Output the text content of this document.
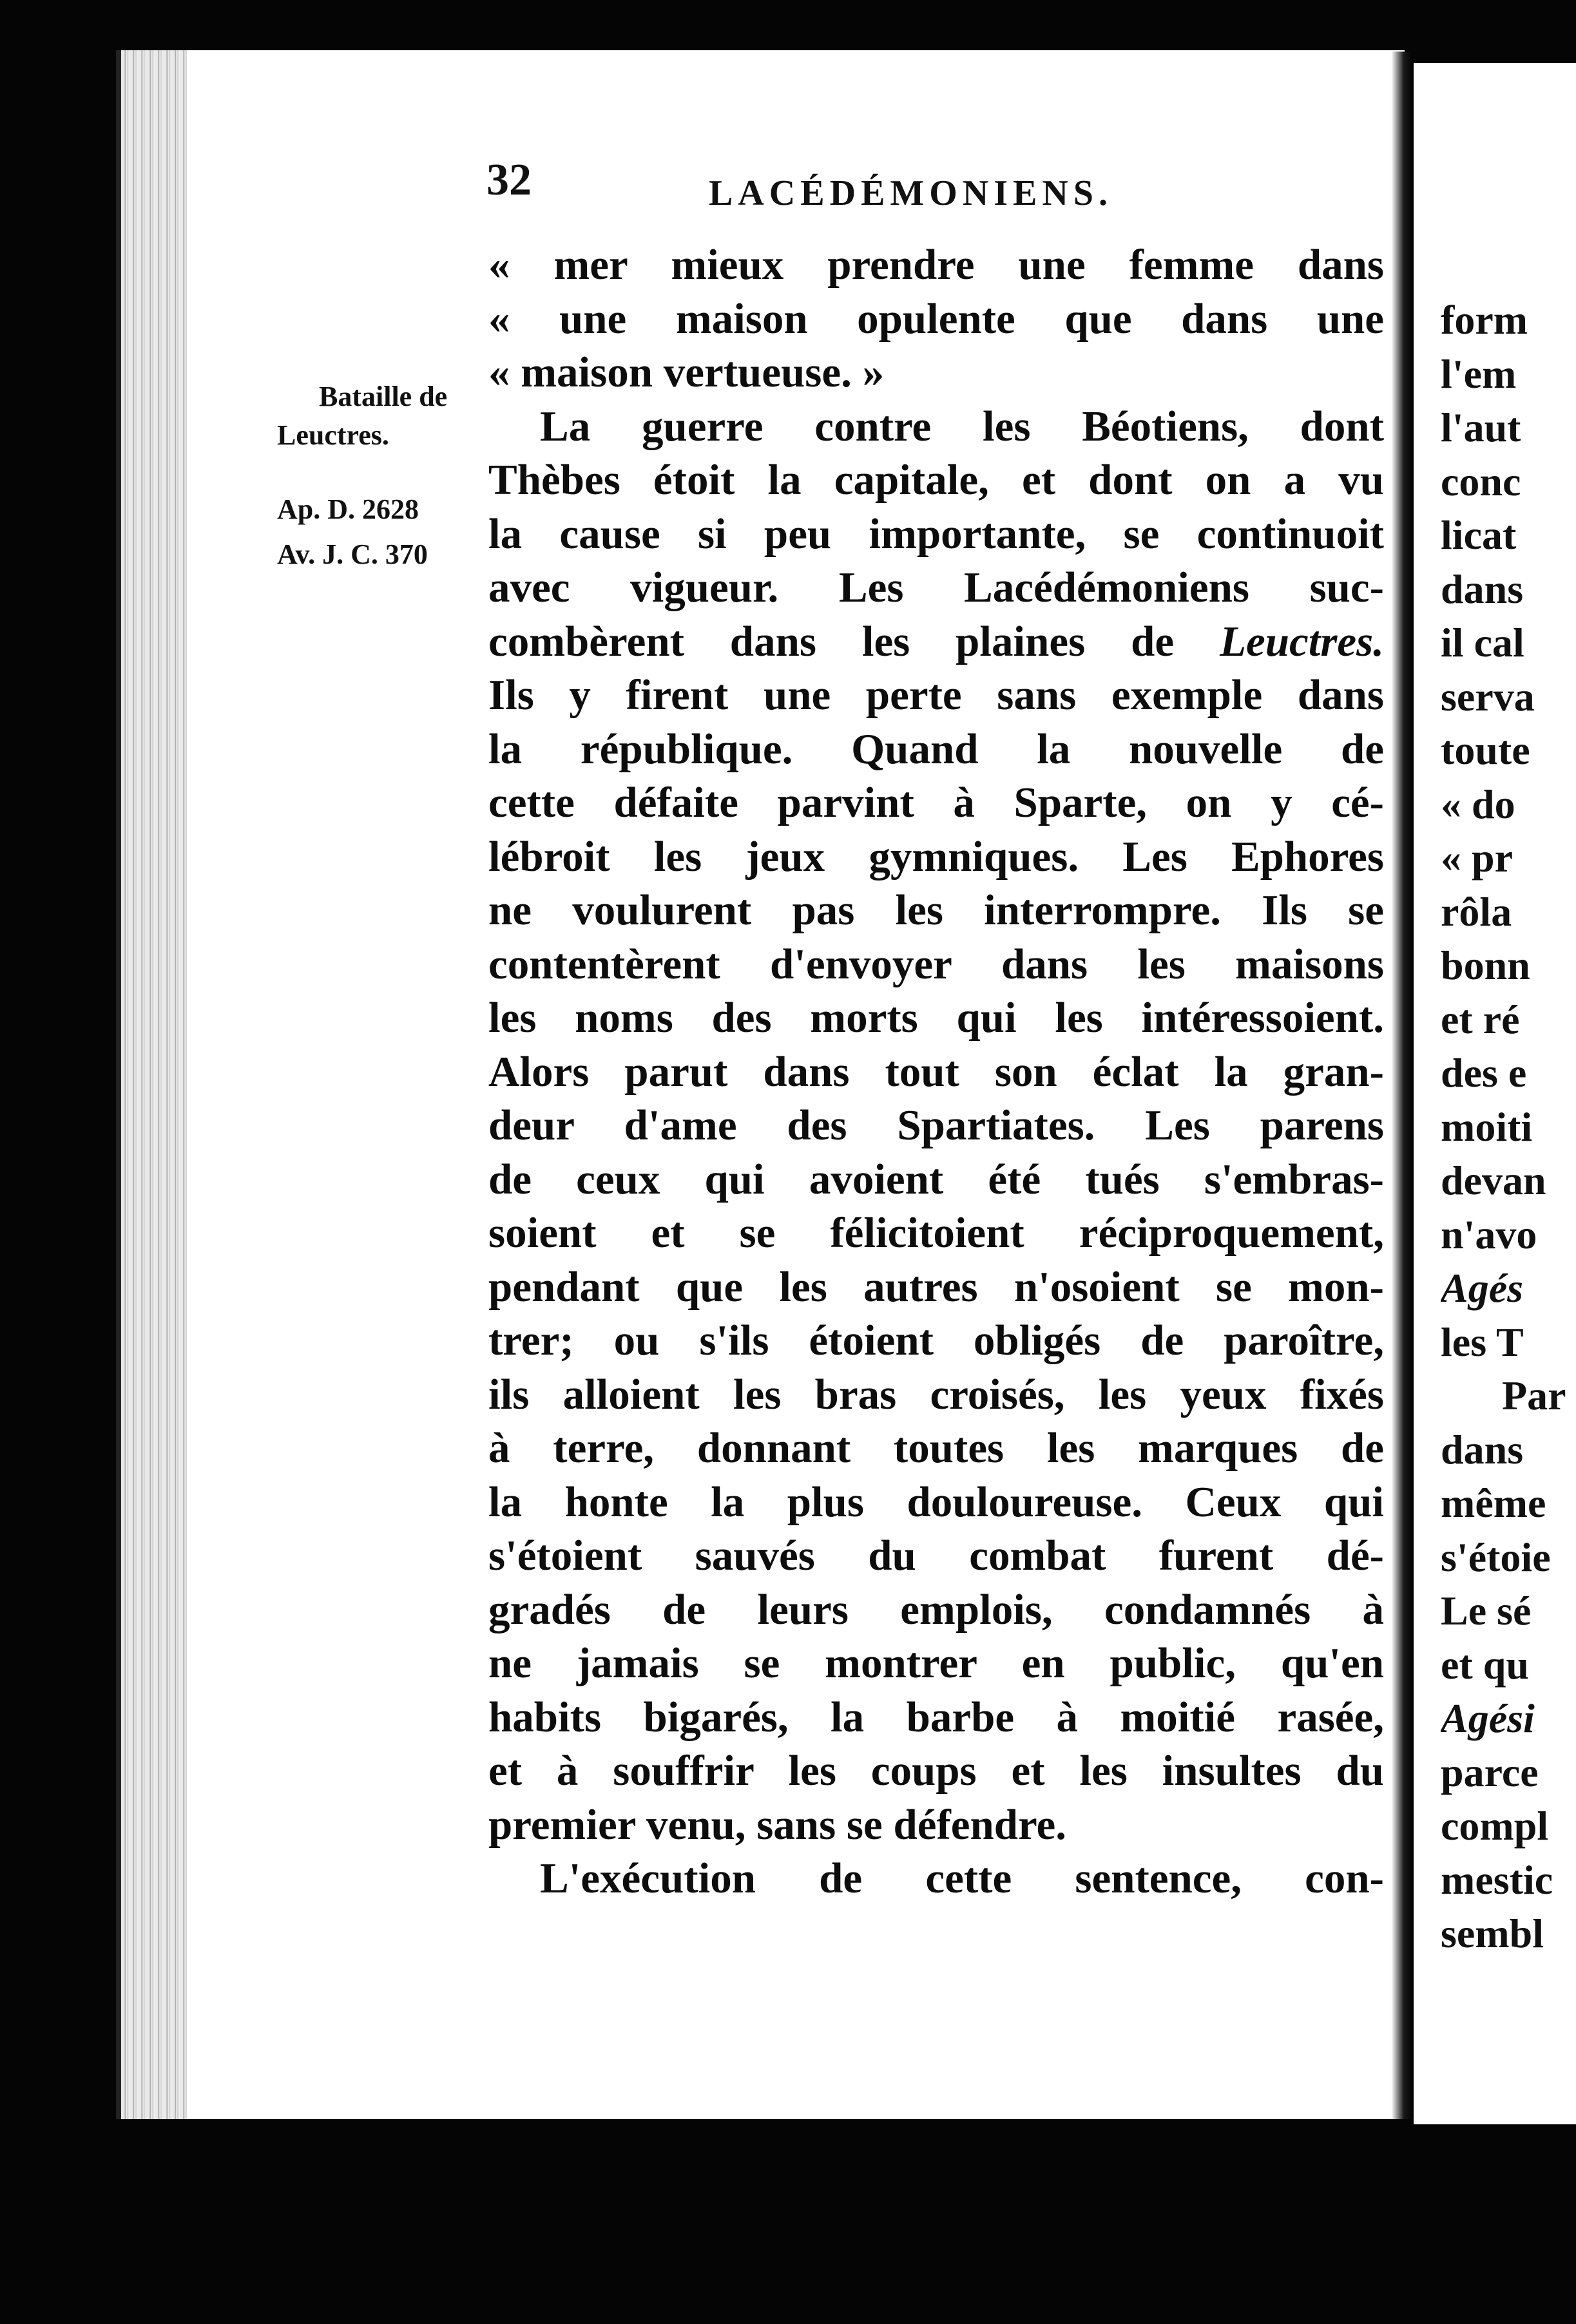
32	LACÉDÉMONIENS.
Bataille de
Leuctres.
Ap. D. 2628
Av. J. C. 370
« mer mieux prendre une femme dans
« une maison opulente que dans une
« maison vertueuse. »
La guerre contre les Béotiens, dont
Thèbes étoit la capitale, et dont on a vu
la cause si peu importante, se continuoit
avec vigueur. Les Lacédémoniens suc-
combèrent dans les plaines de Leuctres.
Ils y firent une perte sans exemple dans
la république. Quand la nouvelle de
cette défaite parvint à Sparte, on y cé-
lébroit les jeux gymniques. Les Ephores
ne voulurent pas les interrompre. Ils se
contentèrent d'envoyer dans les maisons
les noms des morts qui les intéressoient.
Alors parut dans tout son éclat la gran-
deur d'ame des Spartiates. Les parens
de ceux qui avoient été tués s'embras-
soient et se félicitoient réciproquement,
pendant que les autres n'osoient se mon-
trer; ou s'ils étoient obligés de paroître,
ils alloient les bras croisés, les yeux fixés
à terre, donnant toutes les marques de
la honte la plus douloureuse. Ceux qui
s'étoient sauvés du combat furent dé-
gradés de leurs emplois, condamnés à
ne jamais se montrer en public, qu'en
habits bigarés, la barbe à moitié rasée,
et à souffrir les coups et les insultes du
premier venu, sans se défendre.
L'exécution de cette sentence, con-
form
l'em
l'aut
conc
licat
dans
il cal
serva
toute
« do
« pr
rôla
bonn
et ré
des e
moiti
devan
n'avo
Agés
les T
Par
dans
même
s'étoie
Le sé
et qu
Agési
parce
compl
mestic
sembl
